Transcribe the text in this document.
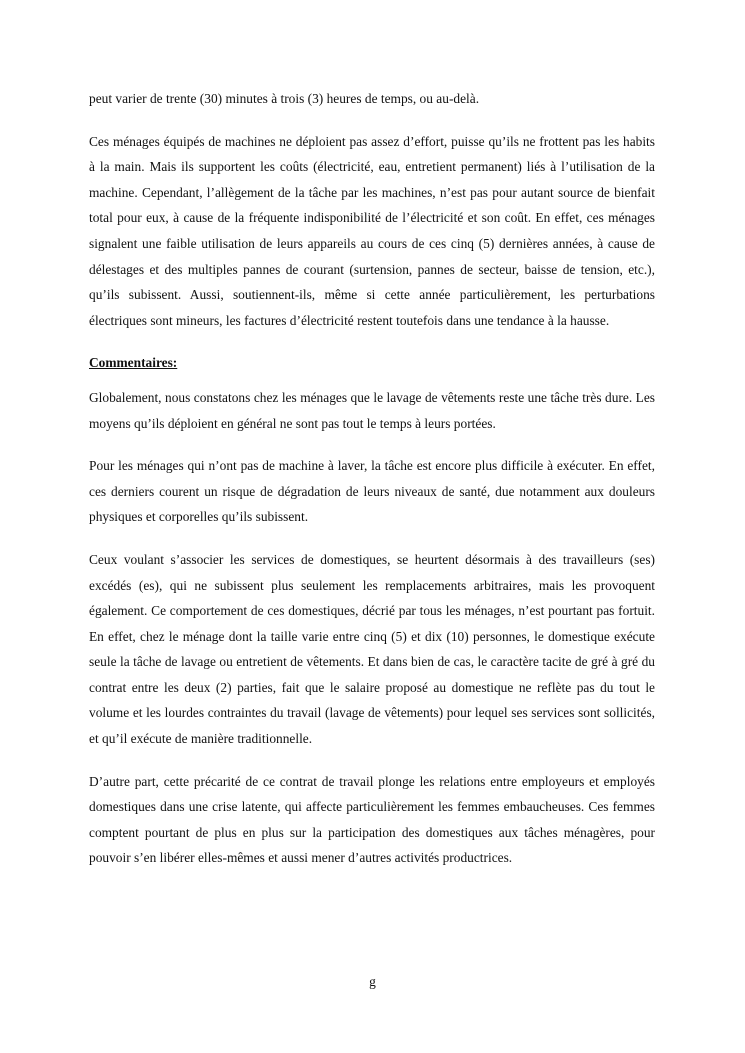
peut varier de trente (30) minutes à trois (3) heures de temps, ou au-delà.

Ces ménages équipés de machines ne déploient pas assez d’effort, puisse qu’ils ne frottent pas les habits à la main. Mais ils supportent les coûts (électricité, eau, entretient permanent) liés à l’utilisation de la machine. Cependant, l’allègement de la tâche par les machines, n’est pas pour autant source de bienfait total pour eux, à cause de la fréquente indisponibilité de l’électricité et son coût. En effet, ces ménages signalent une faible utilisation de leurs appareils au cours de ces cinq (5) dernières années, à cause de délestages et des multiples pannes de courant (surtension, pannes de secteur, baisse de tension, etc.), qu’ils subissent. Aussi, soutiennent-ils, même si cette année particulièrement, les perturbations électriques sont mineurs, les factures d’électricité restent toutefois dans une tendance à la hausse.

Commentaires:

Globalement, nous constatons chez les ménages que le lavage de vêtements reste une tâche très dure. Les moyens qu’ils déploient en général ne sont pas tout le temps à leurs portées.

Pour les ménages qui n’ont pas de machine à laver, la tâche est encore plus difficile à exécuter. En effet, ces derniers courent un risque de dégradation de leurs niveaux de santé, due notamment aux douleurs physiques et corporelles qu’ils subissent.

Ceux voulant s’associer les services de domestiques, se heurtent désormais à des travailleurs (ses) excédés (es), qui ne subissent plus seulement les remplacements arbitraires, mais les provoquent également. Ce comportement de ces domestiques, décrié par tous les ménages, n’est pourtant pas fortuit. En effet, chez le ménage dont la taille varie entre cinq (5) et dix (10) personnes, le domestique exécute seule la tâche de lavage ou entretient de vêtements. Et dans bien de cas, le caractère tacite de gré à gré du contrat entre les deux (2) parties, fait que le salaire proposé au domestique ne reflète pas du tout le volume et les lourdes contraintes du travail (lavage de vêtements) pour lequel ses services sont sollicités, et qu’il exécute de manière traditionnelle.

D’autre part, cette précarité de ce contrat de travail plonge les relations entre employeurs et employés domestiques dans une crise latente, qui affecte particulièrement les femmes embaucheuses. Ces femmes comptent pourtant de plus en plus sur la participation des domestiques aux tâches ménagères, pour pouvoir s’en libérer elles-mêmes et aussi mener d’autres activités productrices.

g
